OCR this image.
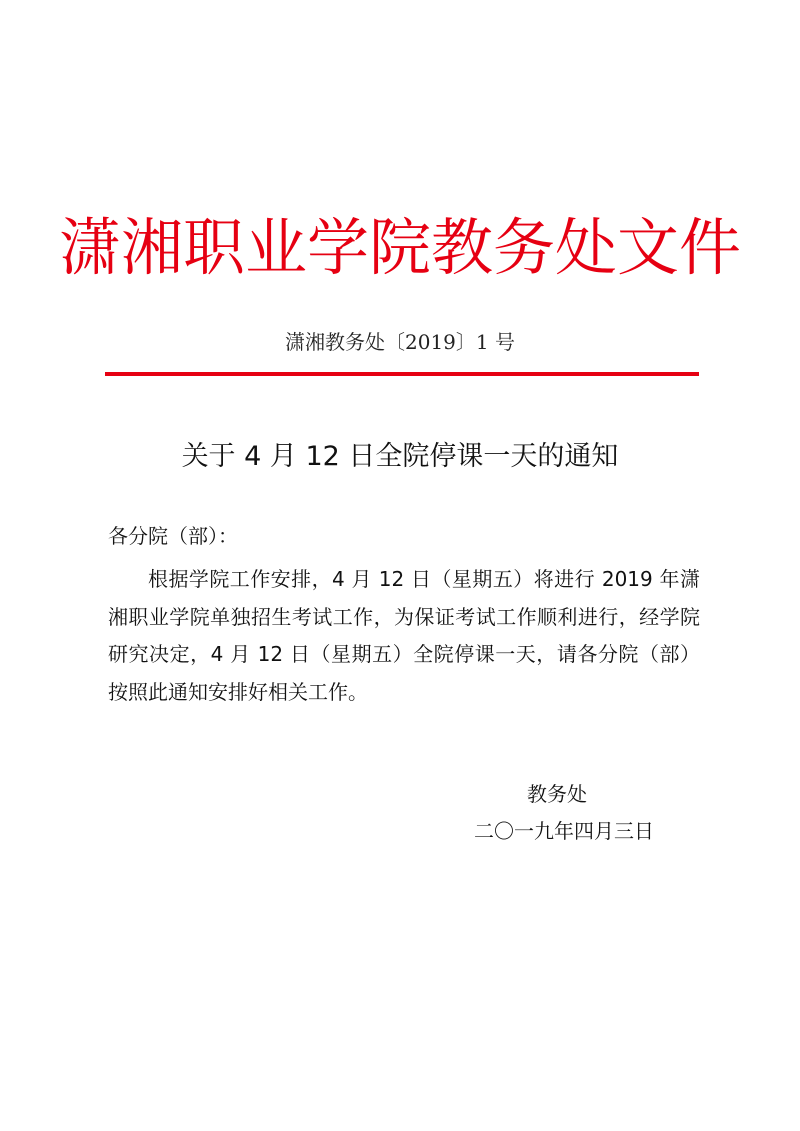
潇湘职业学院教务处文件
潇湘教务处〔2019〕1 号
关于 4 月 12 日全院停课一天的通知
各分院（部）：
根据学院工作安排，4 月 12 日（星期五）将进行 2019 年潇湘职业学院单独招生考试工作，为保证考试工作顺利进行，经学院研究决定，4 月 12 日（星期五）全院停课一天，请各分院（部）按照此通知安排好相关工作。
教务处
二〇一九年四月三日
